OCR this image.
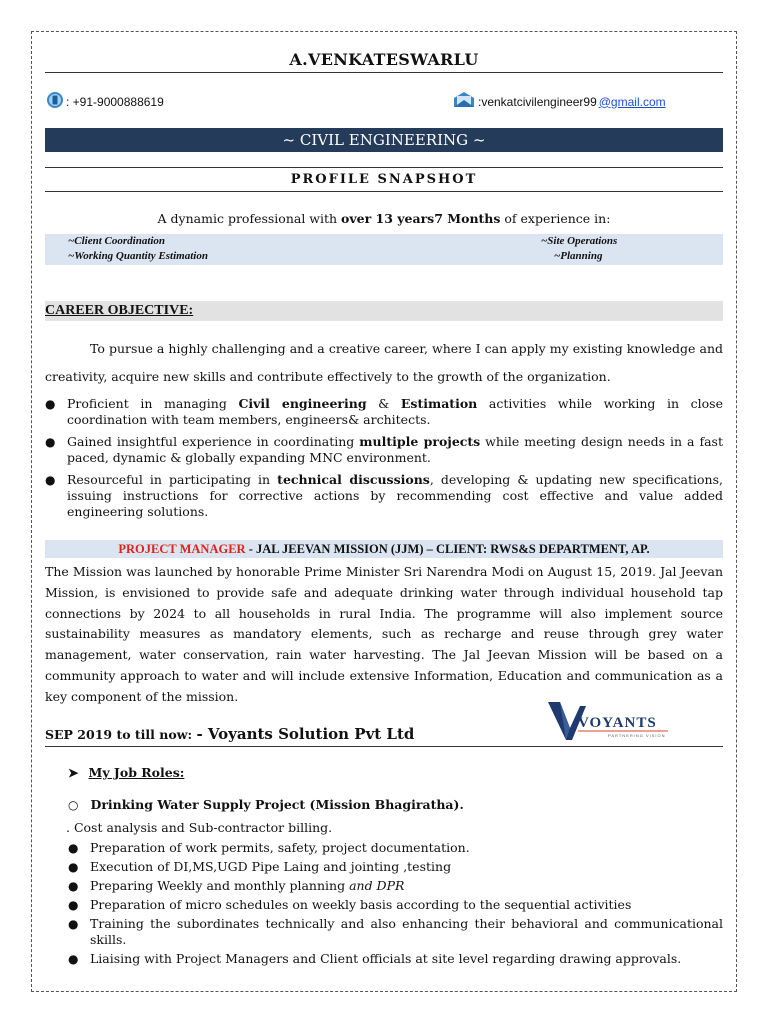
A.VENKATESWARLU
: +91-9000888619	:venkatcivilengineer99 @gmail.com
~ CIVIL ENGINEERING ~
PROFILE SNAPSHOT
A dynamic professional with over 13 years7 Months of experience in:
~Client Coordination	~Site Operations
~Working Quantity Estimation	~Planning
CAREER OBJECTIVE:
To pursue a highly challenging and a creative career, where I can apply my existing knowledge and creativity, acquire new skills and contribute effectively to the growth of the organization.
● Proficient in managing Civil engineering & Estimation activities while working in close coordination with team members, engineers& architects.
● Gained insightful experience in coordinating multiple projects while meeting design needs in a fast paced, dynamic & globally expanding MNC environment.
● Resourceful in participating in technical discussions, developing & updating new specifications, issuing instructions for corrective actions by recommending cost effective and value added engineering solutions.
PROJECT MANAGER - JAL JEEVAN MISSION (JJM) – CLIENT: RWS&S DEPARTMENT, AP.
The Mission was launched by honorable Prime Minister Sri Narendra Modi on August 15, 2019. Jal Jeevan Mission, is envisioned to provide safe and adequate drinking water through individual household tap connections by 2024 to all households in rural India. The programme will also implement source sustainability measures as mandatory elements, such as recharge and reuse through grey water management, water conservation, rain water harvesting. The Jal Jeevan Mission will be based on a community approach to water and will include extensive Information, Education and communication as a key component of the mission.
SEP 2019 to till now: - Voyants Solution Pvt Ltd
VOYANTS
PARTNERING VISION
➤ My Job Roles:
○ Drinking Water Supply Project (Mission Bhagiratha).
. Cost analysis and Sub-contractor billing.
● Preparation of work permits, safety, project documentation.
● Execution of DI,MS,UGD Pipe Laing and jointing ,testing
● Preparing Weekly and monthly planning and DPR
● Preparation of micro schedules on weekly basis according to the sequential activities
● Training the subordinates technically and also enhancing their behavioral and communicational skills.
● Liaising with Project Managers and Client officials at site level regarding drawing approvals.
